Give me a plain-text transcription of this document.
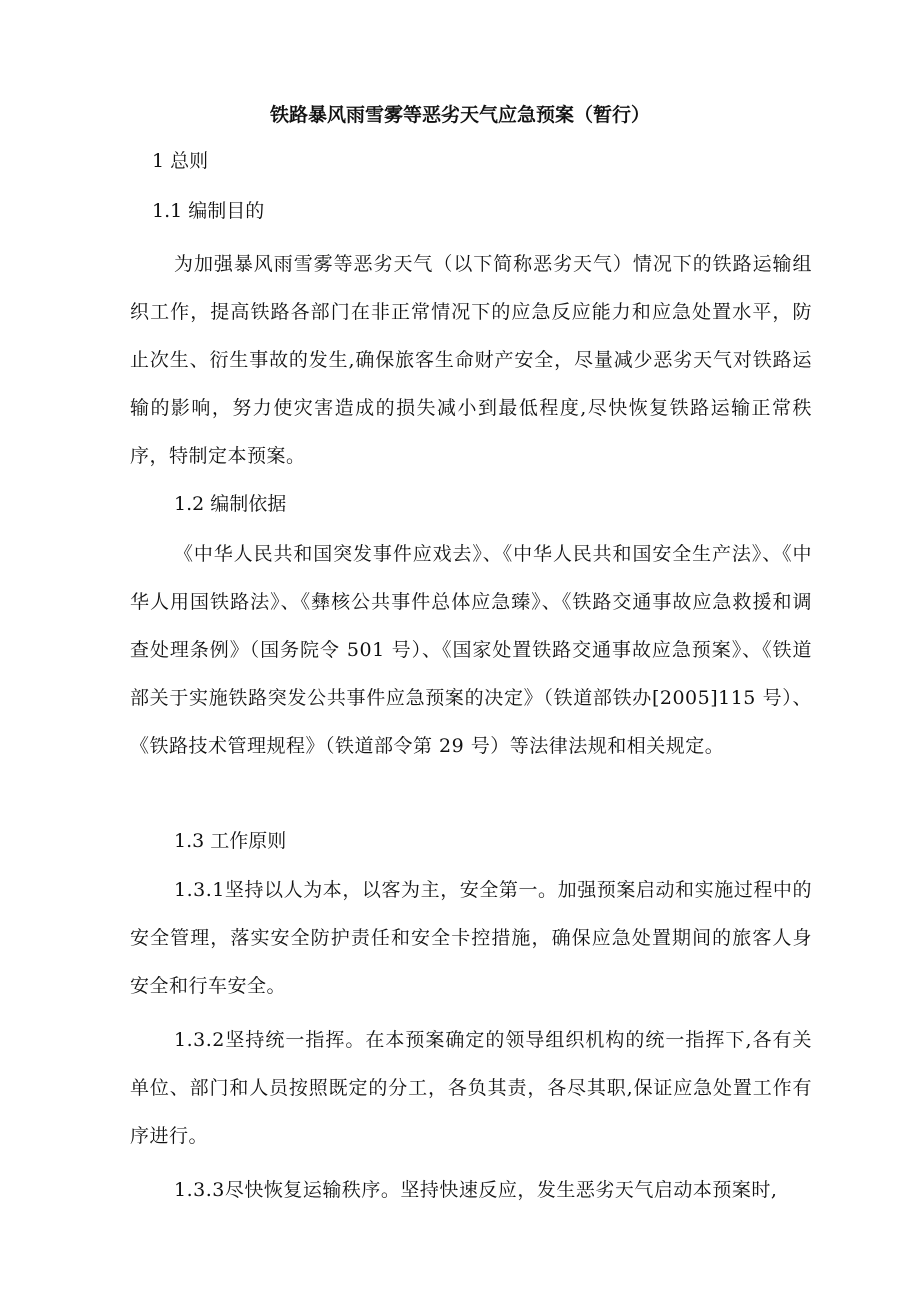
铁路暴风雨雪雾等恶劣天气应急预案（暂行）

1 总则

1.1 编制目的

为加强暴风雨雪雾等恶劣天气（以下简称恶劣天气）情况下的铁路运输组织工作，提高铁路各部门在非正常情况下的应急反应能力和应急处置水平，防止次生、衍生事故的发生,确保旅客生命财产安全，尽量减少恶劣天气对铁路运输的影响，努力使灾害造成的损失减小到最低程度,尽快恢复铁路运输正常秩序，特制定本预案。

1.2 编制依据

《中华人民共和国突发事件应戏去》、《中华人民共和国安全生产法》、《中华人用国铁路法》、《彝核公共事件总体应急臻》、《铁路交通事故应急救援和调查处理条例》（国务院令 501 号）、《国家处置铁路交通事故应急预案》、《铁道部关于实施铁路突发公共事件应急预案的决定》（铁道部铁办[2005]115 号）、《铁路技术管理规程》（铁道部令第 29 号）等法律法规和相关规定。

1.3 工作原则

1.3.1坚持以人为本，以客为主，安全第一。加强预案启动和实施过程中的安全管理，落实安全防护责任和安全卡控措施，确保应急处置期间的旅客人身安全和行车安全。

1.3.2坚持统一指挥。在本预案确定的领导组织机构的统一指挥下,各有关单位、部门和人员按照既定的分工，各负其责，各尽其职,保证应急处置工作有序进行。

1.3.3尽快恢复运输秩序。坚持快速反应，发生恶劣天气启动本预案时,
